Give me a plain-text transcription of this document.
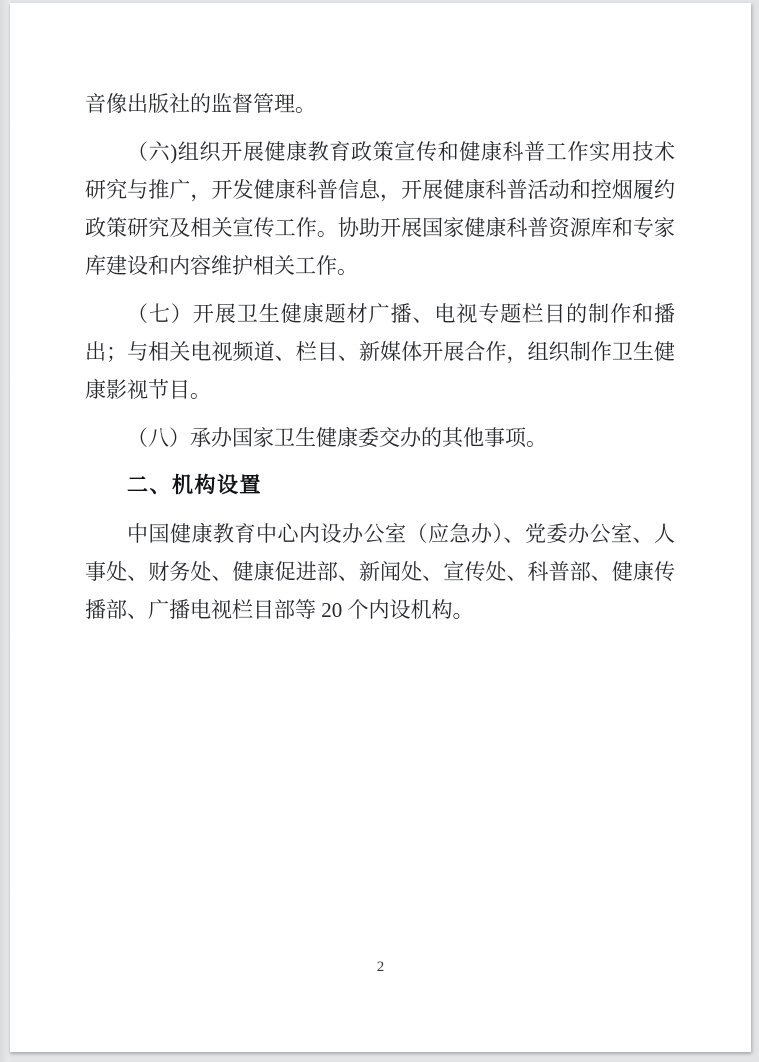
音像出版社的监督管理。

（六)组织开展健康教育政策宣传和健康科普工作实用技术研究与推广，开发健康科普信息，开展健康科普活动和控烟履约政策研究及相关宣传工作。协助开展国家健康科普资源库和专家库建设和内容维护相关工作。

（七）开展卫生健康题材广播、电视专题栏目的制作和播出；与相关电视频道、栏目、新媒体开展合作，组织制作卫生健康影视节目。

（八）承办国家卫生健康委交办的其他事项。

二、机构设置

中国健康教育中心内设办公室（应急办）、党委办公室、人事处、财务处、健康促进部、新闻处、宣传处、科普部、健康传播部、广播电视栏目部等 20 个内设机构。

2
